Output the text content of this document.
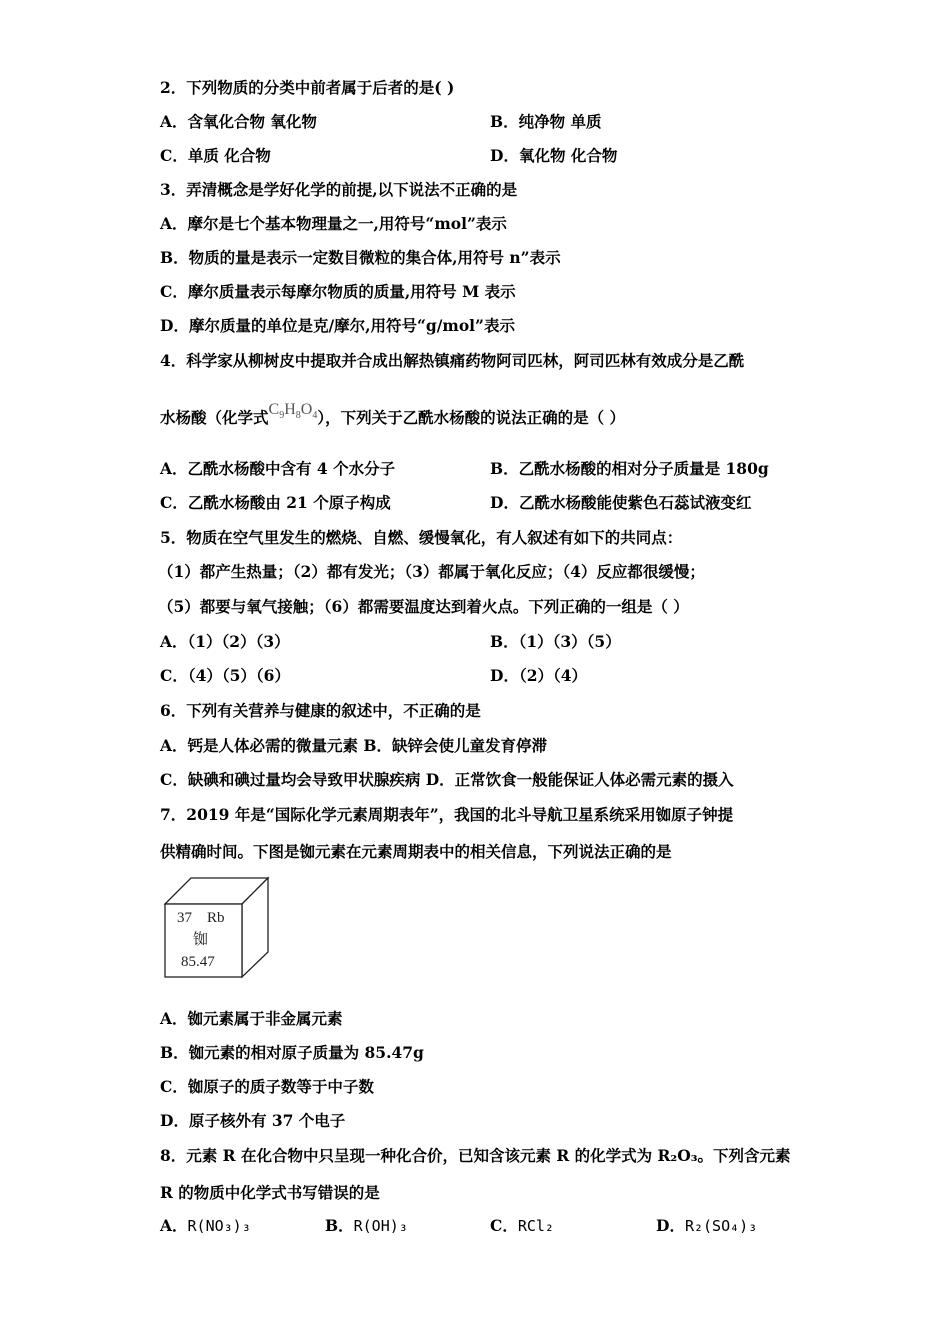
2．下列物质的分类中前者属于后者的是( )
A．含氧化合物 氧化物	B．纯净物 单质
C．单质 化合物	D．氧化物 化合物
3．弄清概念是学好化学的前提,以下说法不正确的是
A．摩尔是七个基本物理量之一,用符号“mol”表示
B．物质的量是表示一定数目微粒的集合体,用符号 n”表示
C．摩尔质量表示每摩尔物质的质量,用符号 M 表示
D．摩尔质量的单位是克/摩尔,用符号“g/mol”表示
4．科学家从柳树皮中提取并合成出解热镇痛药物阿司匹林，阿司匹林有效成分是乙酰
水杨酸（化学式$C_9H_8O_4$），下列关于乙酰水杨酸的说法正确的是（ ）
A．乙酰水杨酸中含有 4 个水分子	B．乙酰水杨酸的相对分子质量是 180g
C．乙酰水杨酸由 21 个原子构成	D．乙酰水杨酸能使紫色石蕊试液变红
5．物质在空气里发生的燃烧、自燃、缓慢氧化，有人叙述有如下的共同点：
（1）都产生热量；（2）都有发光；（3）都属于氧化反应；（4）反应都很缓慢；
（5）都要与氧气接触；（6）都需要温度达到着火点。下列正确的一组是（ ）
A．（1）（2）（3）	B．（1）（3）（5）
C．（4）（5）（6）	D．（2）（4）
6．下列有关营养与健康的叙述中，不正确的是
A．钙是人体必需的微量元素 B．缺锌会使儿童发育停滞
C．缺碘和碘过量均会导致甲状腺疾病 D．正常饮食一般能保证人体必需元素的摄入
7．2019 年是“国际化学元素周期表年”，我国的北斗导航卫星系统采用铷原子钟提
供精确时间。下图是铷元素在元素周期表中的相关信息，下列说法正确的是
37 Rb
铷
85.47
A．铷元素属于非金属元素
B．铷元素的相对原子质量为 85.47g
C．铷原子的质子数等于中子数
D．原子核外有 37 个电子
8．元素 R 在化合物中只呈现一种化合价，已知含该元素 R 的化学式为 R₂O₃。下列含元素
R 的物质中化学式书写错误的是
A．R(NO₃)₃	B．R(OH)₃	C．RCl₂	D．R₂(SO₄)₃
